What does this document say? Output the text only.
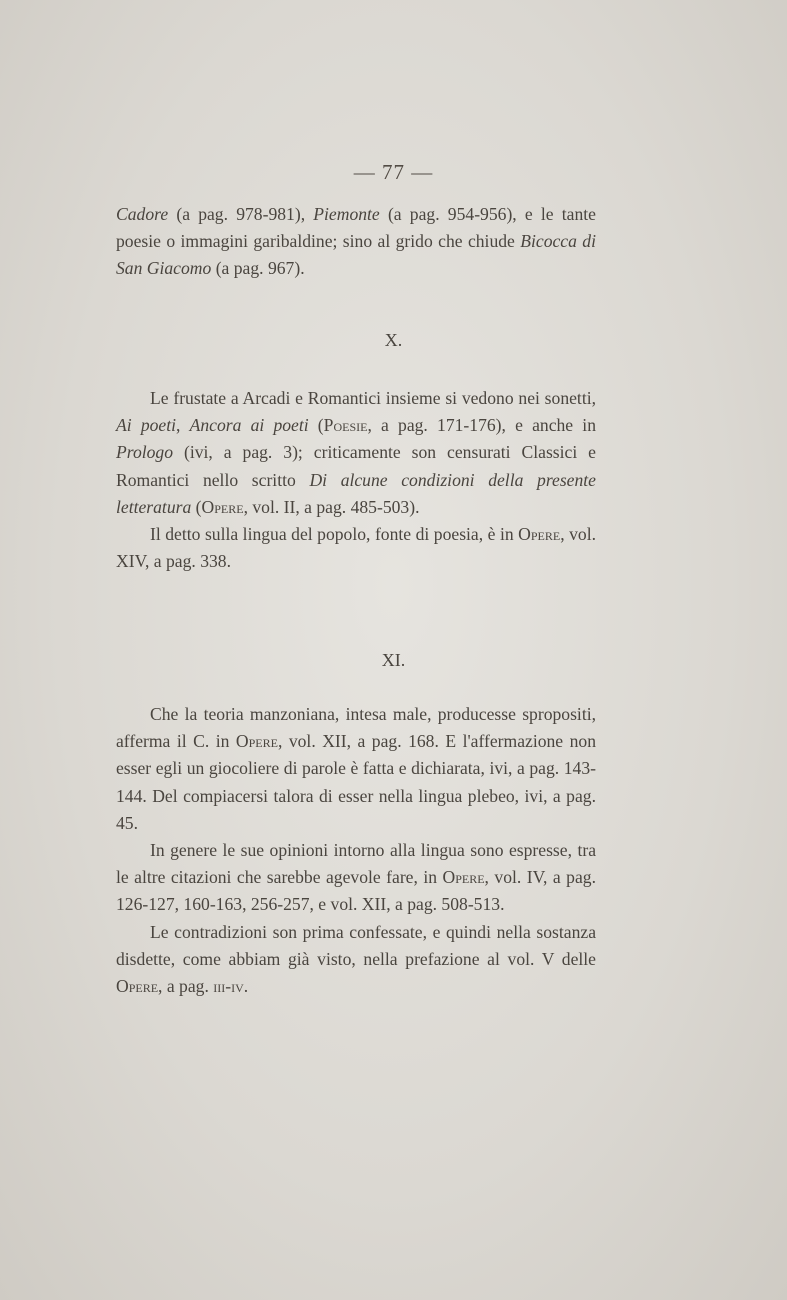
— 77 —

Cadore (a pag. 978-981), Piemonte (a pag. 954-956), e le tante poesie o immagini garibaldine; sino al grido che chiude Bicocca di San Giacomo (a pag. 967).

X.

Le frustate a Arcadi e Romantici insieme si vedono nei sonetti, Ai poeti, Ancora ai poeti (Poesie, a pag. 171-176), e anche in Prologo (ivi, a pag. 3); criticamente son censurati Classici e Romantici nello scritto Di alcune condizioni della presente letteratura (Opere, vol. II, a pag. 485-503).

Il detto sulla lingua del popolo, fonte di poesia, è in Opere, vol. XIV, a pag. 338.

XI.

Che la teoria manzoniana, intesa male, producesse spropositi, afferma il C. in Opere, vol. XII, a pag. 168. E l'affermazione non esser egli un giocoliere di parole è fatta e dichiarata, ivi, a pag. 143-144. Del compiacersi talora di esser nella lingua plebeo, ivi, a pag. 45.

In genere le sue opinioni intorno alla lingua sono espresse, tra le altre citazioni che sarebbe agevole fare, in Opere, vol. IV, a pag. 126-127, 160-163, 256-257, e vol. XII, a pag. 508-513.

Le contradizioni son prima confessate, e quindi nella sostanza disdette, come abbiam già visto, nella prefazione al vol. V delle Opere, a pag. iii-iv.
